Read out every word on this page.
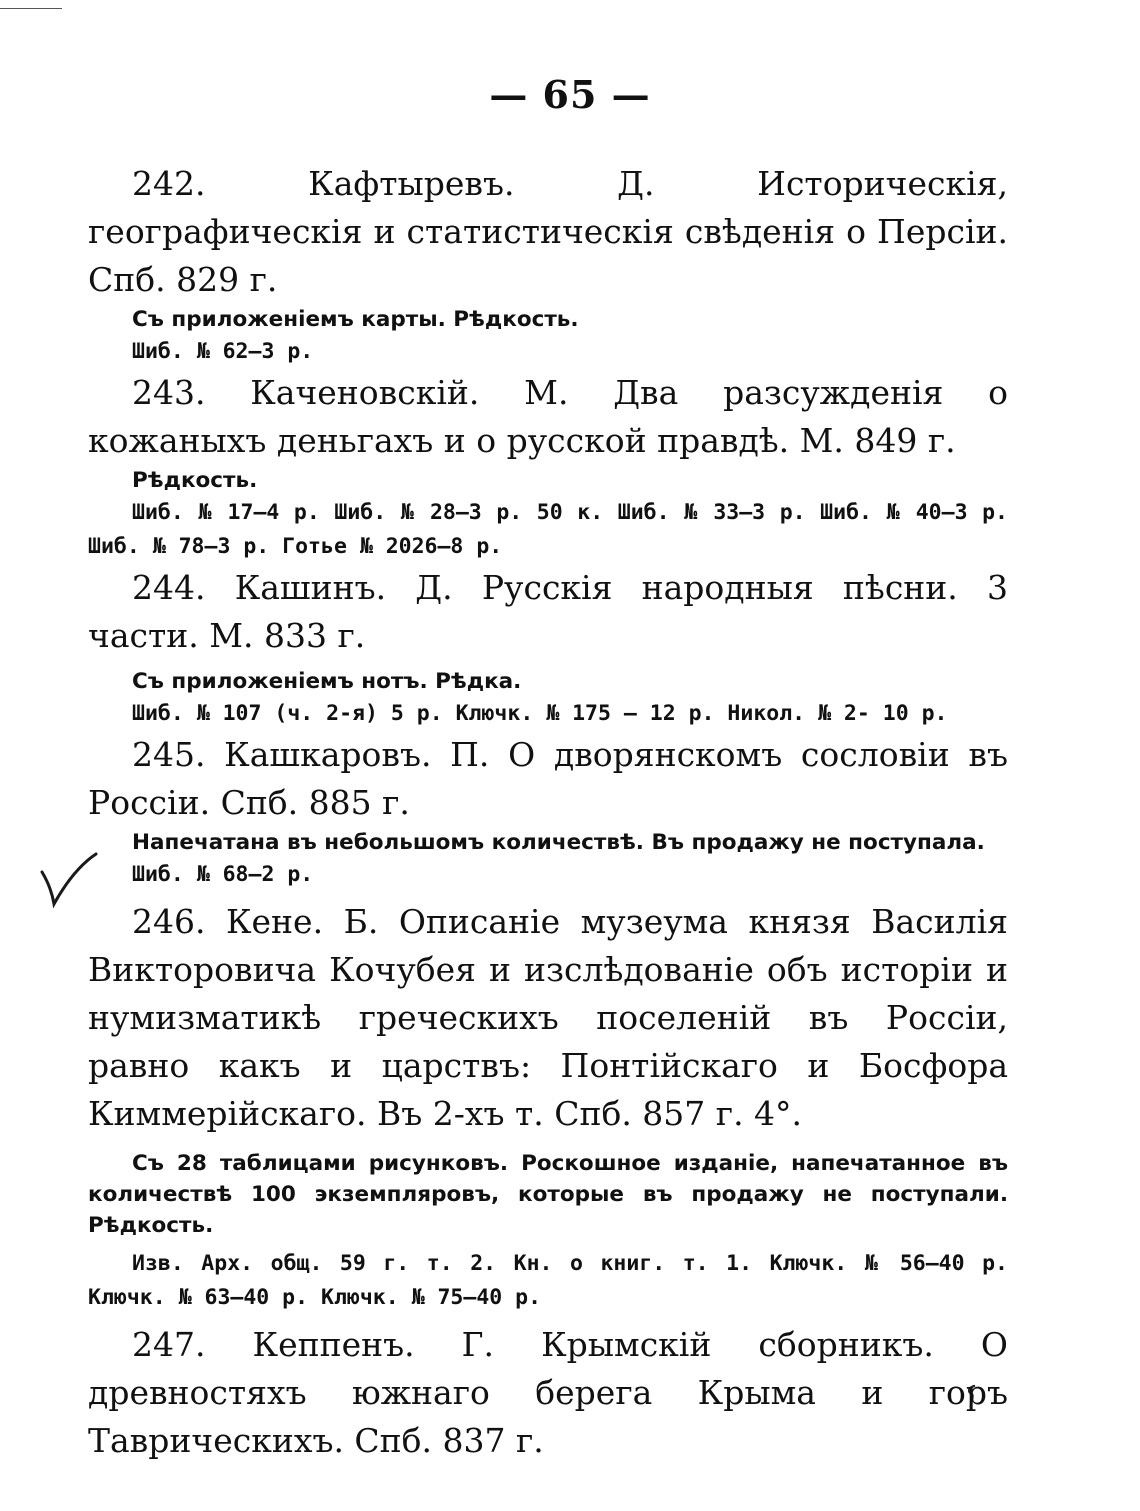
— 65 —

242. Кафтыревъ. Д. Историческія, географическія и статистическія свѣденія о Персіи. Спб. 829 г.

Съ приложеніемъ карты. Рѣдкость.

Шиб. № 62—3 р.

243. Каченовскій. М. Два разсужденія о кожаныхъ деньгахъ и о русской правдѣ. М. 849 г.

Рѣдкость.

Шиб. № 17—4 р. Шиб. № 28—3 р. 50 к. Шиб. № 33—3 р. Шиб. № 40—3 р. Шиб. № 78—3 р. Готье № 2026—8 р.

244. Кашинъ. Д. Русскія народныя пѣсни. 3 части. М. 833 г.

Съ приложеніемъ нотъ. Рѣдка.

Шиб. № 107 (ч. 2-я) 5 р. Ключк. № 175 — 12 р. Никол. № 2- 10 р.

245. Кашкаровъ. П. О дворянскомъ сословіи въ Россіи. Спб. 885 г.

Напечатана въ небольшомъ количествѣ. Въ продажу не поступала.

Шиб. № 68—2 р.

246. Кене. Б. Описаніе музеума князя Василія Викторовича Кочубея и изслѣдованіе объ исторіи и нумизматикѣ греческихъ поселеній въ Россіи, равно какъ и царствъ: Понтійскаго и Босфора Киммерійскаго. Въ 2-хъ т. Спб. 857 г. 4°.

Съ 28 таблицами рисунковъ. Роскошное изданіе, напечатанное въ количествѣ 100 экземпляровъ, которые въ продажу не поступали. Рѣдкость.

Изв. Арх. общ. 59 г. т. 2. Кн. о книг. т. 1. Ключк. № 56—40 р. Ключк. № 63—40 р. Ключк. № 75—40 р.

247. Кеппенъ. Г. Крымскій сборникъ. О древностяхъ южнаго берега Крыма и горъ Таврическихъ. Спб. 837 г.
